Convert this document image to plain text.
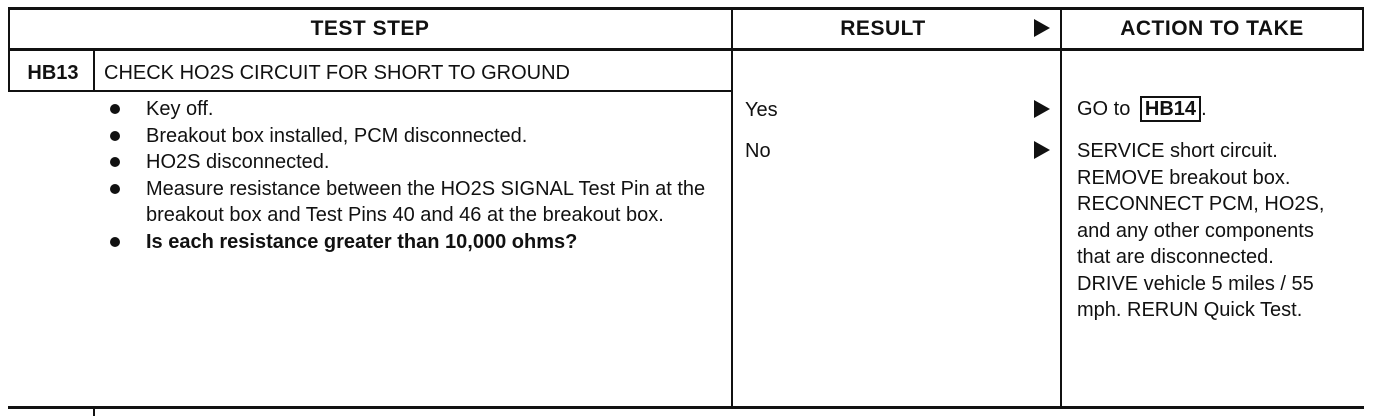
TEST STEP	RESULT	ACTION TO TAKE
HB13	CHECK HO2S CIRCUIT FOR SHORT TO GROUND
Key off.
Breakout box installed, PCM disconnected.
HO2S disconnected.
Measure resistance between the HO2S SIGNAL Test Pin at the breakout box and Test Pins 40 and 46 at the breakout box.
Is each resistance greater than 10,000 ohms?
Yes	GO to HB14 .
No	SERVICE short circuit. REMOVE breakout box. RECONNECT PCM, HO2S, and any other components that are disconnected. DRIVE vehicle 5 miles / 55 mph. RERUN Quick Test.
